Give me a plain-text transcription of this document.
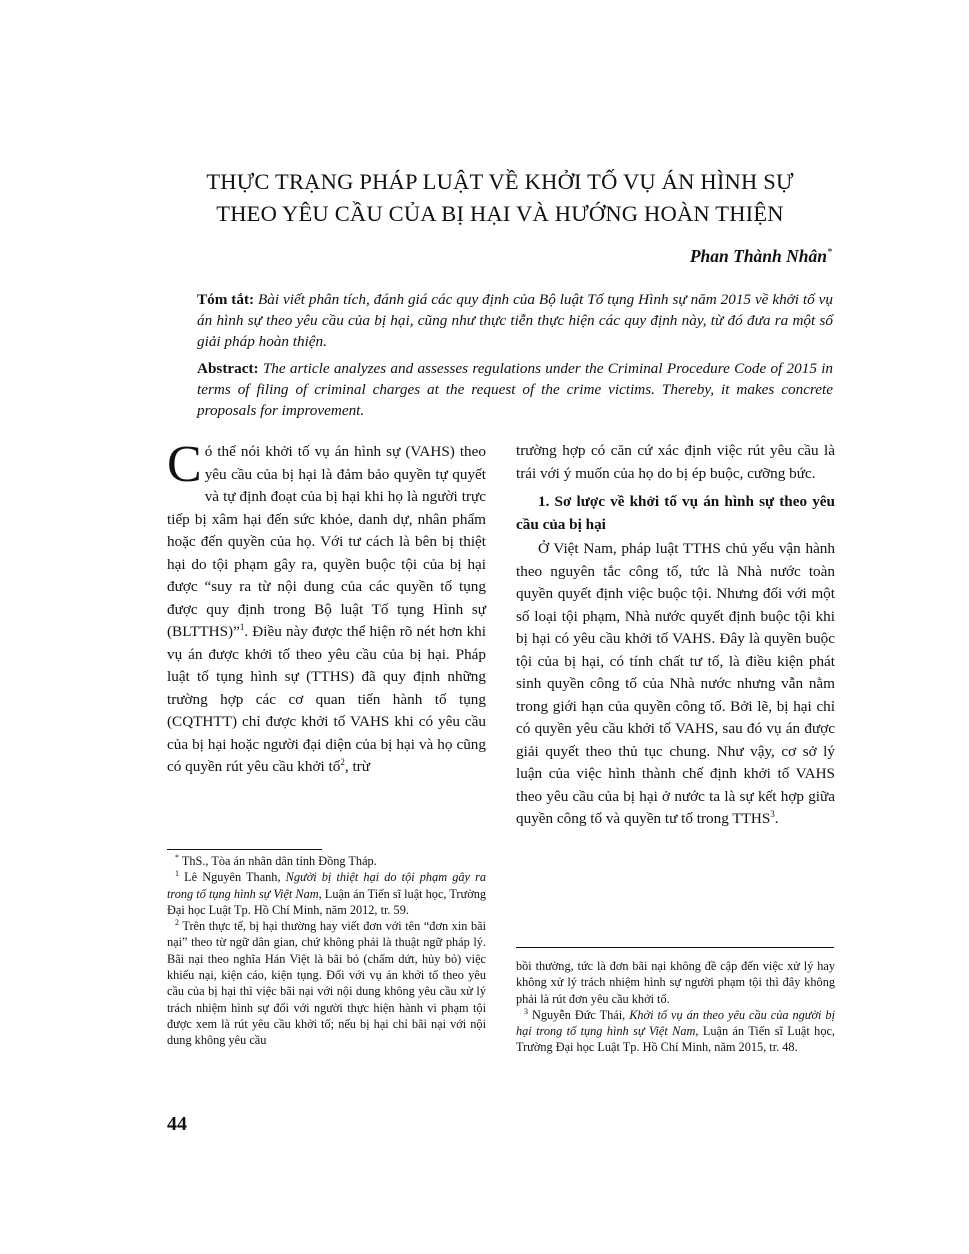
THỰC TRẠNG PHÁP LUẬT VỀ KHỞI TỐ VỤ ÁN HÌNH SỰ
THEO YÊU CẦU CỦA BỊ HẠI VÀ HƯỚNG HOÀN THIỆN
Phan Thành Nhân*
Tóm tắt: Bài viết phân tích, đánh giá các quy định của Bộ luật Tố tụng Hình sự năm 2015 về khởi tố vụ án hình sự theo yêu cầu của bị hại, cũng như thực tiễn thực hiện các quy định này, từ đó đưa ra một số giải pháp hoàn thiện.
Abstract: The article analyzes and assesses regulations under the Criminal Procedure Code of 2015 in terms of filing of criminal charges at the request of the crime victims. Thereby, it makes concrete proposals for improvement.

Có thể nói khởi tố vụ án hình sự (VAHS) theo yêu cầu của bị hại là đảm bảo quyền tự quyết và tự định đoạt của bị hại khi họ là người trực tiếp bị xâm hại đến sức khỏe, danh dự, nhân phẩm hoặc đến quyền của họ. Với tư cách là bên bị thiệt hại do tội phạm gây ra, quyền buộc tội của bị hại được “suy ra từ nội dung của các quyền tố tụng được quy định trong Bộ luật Tố tụng Hình sự (BLTTHS)”$^1$. Điều này được thể hiện rõ nét hơn khi vụ án được khởi tố theo yêu cầu của bị hại. Pháp luật tố tụng hình sự (TTHS) đã quy định những trường hợp các cơ quan tiến hành tố tụng (CQTHTT) chỉ được khởi tố VAHS khi có yêu cầu của bị hại hoặc người đại diện của bị hại và họ cũng có quyền rút yêu cầu khởi tố$^2$, trừ

trường hợp có căn cứ xác định việc rút yêu cầu là trái với ý muốn của họ do bị ép buộc, cưỡng bức.

1. Sơ lược về khởi tố vụ án hình sự theo yêu cầu của bị hại

Ở Việt Nam, pháp luật TTHS chủ yếu vận hành theo nguyên tắc công tố, tức là Nhà nước toàn quyền quyết định việc buộc tội. Nhưng đối với một số loại tội phạm, Nhà nước quyết định buộc tội khi bị hại có yêu cầu khởi tố VAHS. Đây là quyền buộc tội của bị hại, có tính chất tư tố, là điều kiện phát sinh quyền công tố của Nhà nước nhưng vẫn nằm trong giới hạn của quyền công tố. Bởi lẽ, bị hại chỉ có quyền yêu cầu khởi tố VAHS, sau đó vụ án được giải quyết theo thủ tục chung. Như vậy, cơ sở lý luận của việc hình thành chế định khởi tố VAHS theo yêu cầu của bị hại ở nước ta là sự kết hợp giữa quyền công tố và quyền tư tố trong TTHS$^3$.

* ThS., Tòa án nhân dân tỉnh Đồng Tháp.

$^1$ Lê Nguyên Thanh, Người bị thiệt hại do tội phạm gây ra trong tố tụng hình sự Việt Nam, Luận án Tiến sĩ luật học, Trường Đại học Luật Tp. Hồ Chí Minh, năm 2012, tr. 59.

$^2$ Trên thực tế, bị hại thường hay viết đơn với tên “đơn xin bãi nại” theo từ ngữ dân gian, chứ không phải là thuật ngữ pháp lý. Bãi nại theo nghĩa Hán Việt là bãi bỏ (chấm dứt, hủy bỏ) việc khiếu nại, kiện cáo, kiện tụng. Đối với vụ án khởi tố theo yêu cầu của bị hại thì việc bãi nại với nội dung không yêu cầu xử lý trách nhiệm hình sự đối với người thực hiện hành vi phạm tội được xem là rút yêu cầu khởi tố; nếu bị hại chỉ bãi nại với nội dung không yêu cầu

bồi thường, tức là đơn bãi nại không đề cập đến việc xử lý hay không xử lý trách nhiệm hình sự người phạm tội thì đây không phải là rút đơn yêu cầu khởi tố.

$^3$ Nguyễn Đức Thái, Khởi tố vụ án theo yêu cầu của người bị hại trong tố tụng hình sự Việt Nam, Luận án Tiến sĩ Luật học, Trường Đại học Luật Tp. Hồ Chí Minh, năm 2015, tr. 48.

44
